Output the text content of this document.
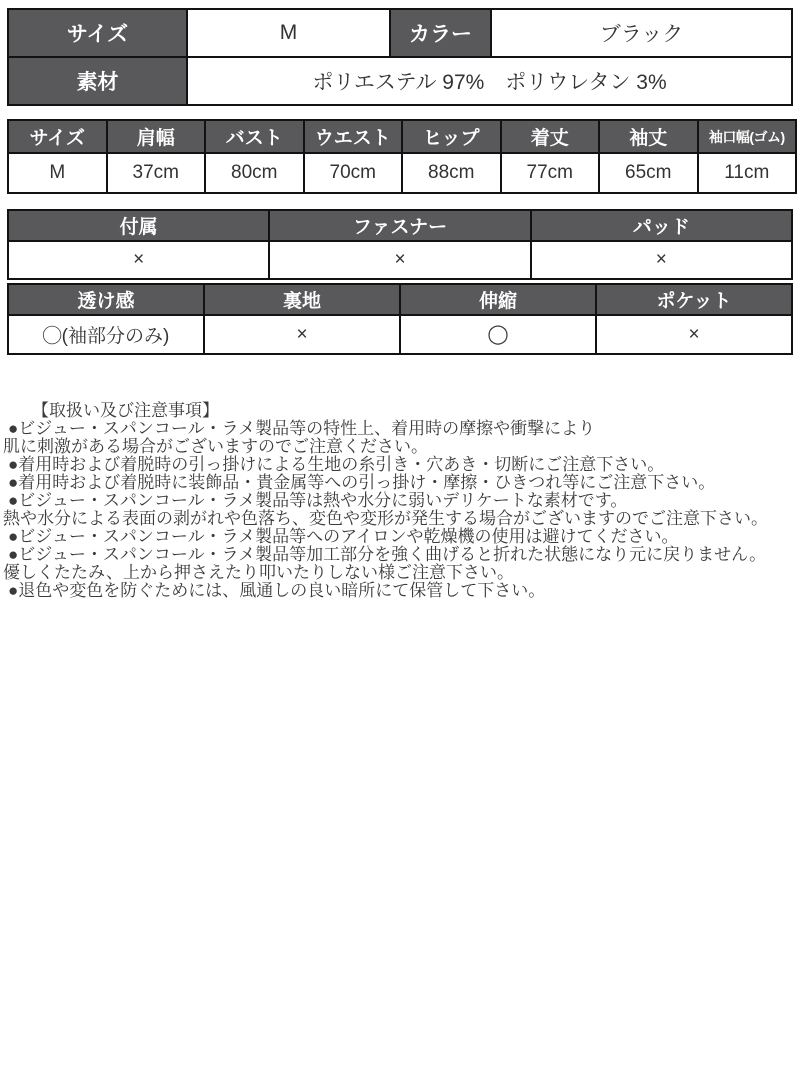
サイズ	M	カラー	ブラック
素材	ポリエステル 97%　ポリウレタン 3%
サイズ	肩幅	バスト	ウエスト	ヒップ	着丈	袖丈	袖口幅(ゴム)
M	37cm	80cm	70cm	88cm	77cm	65cm	11cm
付属	ファスナー	パッド
×	×	×
透け感	裏地	伸縮	ポケット
◯(袖部分のみ)	×	◯	×
【取扱い及び注意事項】
●ビジュー・スパンコール・ラメ製品等の特性上、着用時の摩擦や衝撃により
肌に刺激がある場合がございますのでご注意ください。
●着用時および着脱時の引っ掛けによる生地の糸引き・穴あき・切断にご注意下さい。
●着用時および着脱時に装飾品・貴金属等への引っ掛け・摩擦・ひきつれ等にご注意下さい。
●ビジュー・スパンコール・ラメ製品等は熱や水分に弱いデリケートな素材です。
熱や水分による表面の剥がれや色落ち、変色や変形が発生する場合がございますのでご注意下さい。
●ビジュー・スパンコール・ラメ製品等へのアイロンや乾燥機の使用は避けてください。
●ビジュー・スパンコール・ラメ製品等加工部分を強く曲げると折れた状態になり元に戻りません。
優しくたたみ、上から押さえたり叩いたりしない様ご注意下さい。
●退色や変色を防ぐためには、風通しの良い暗所にて保管して下さい。
